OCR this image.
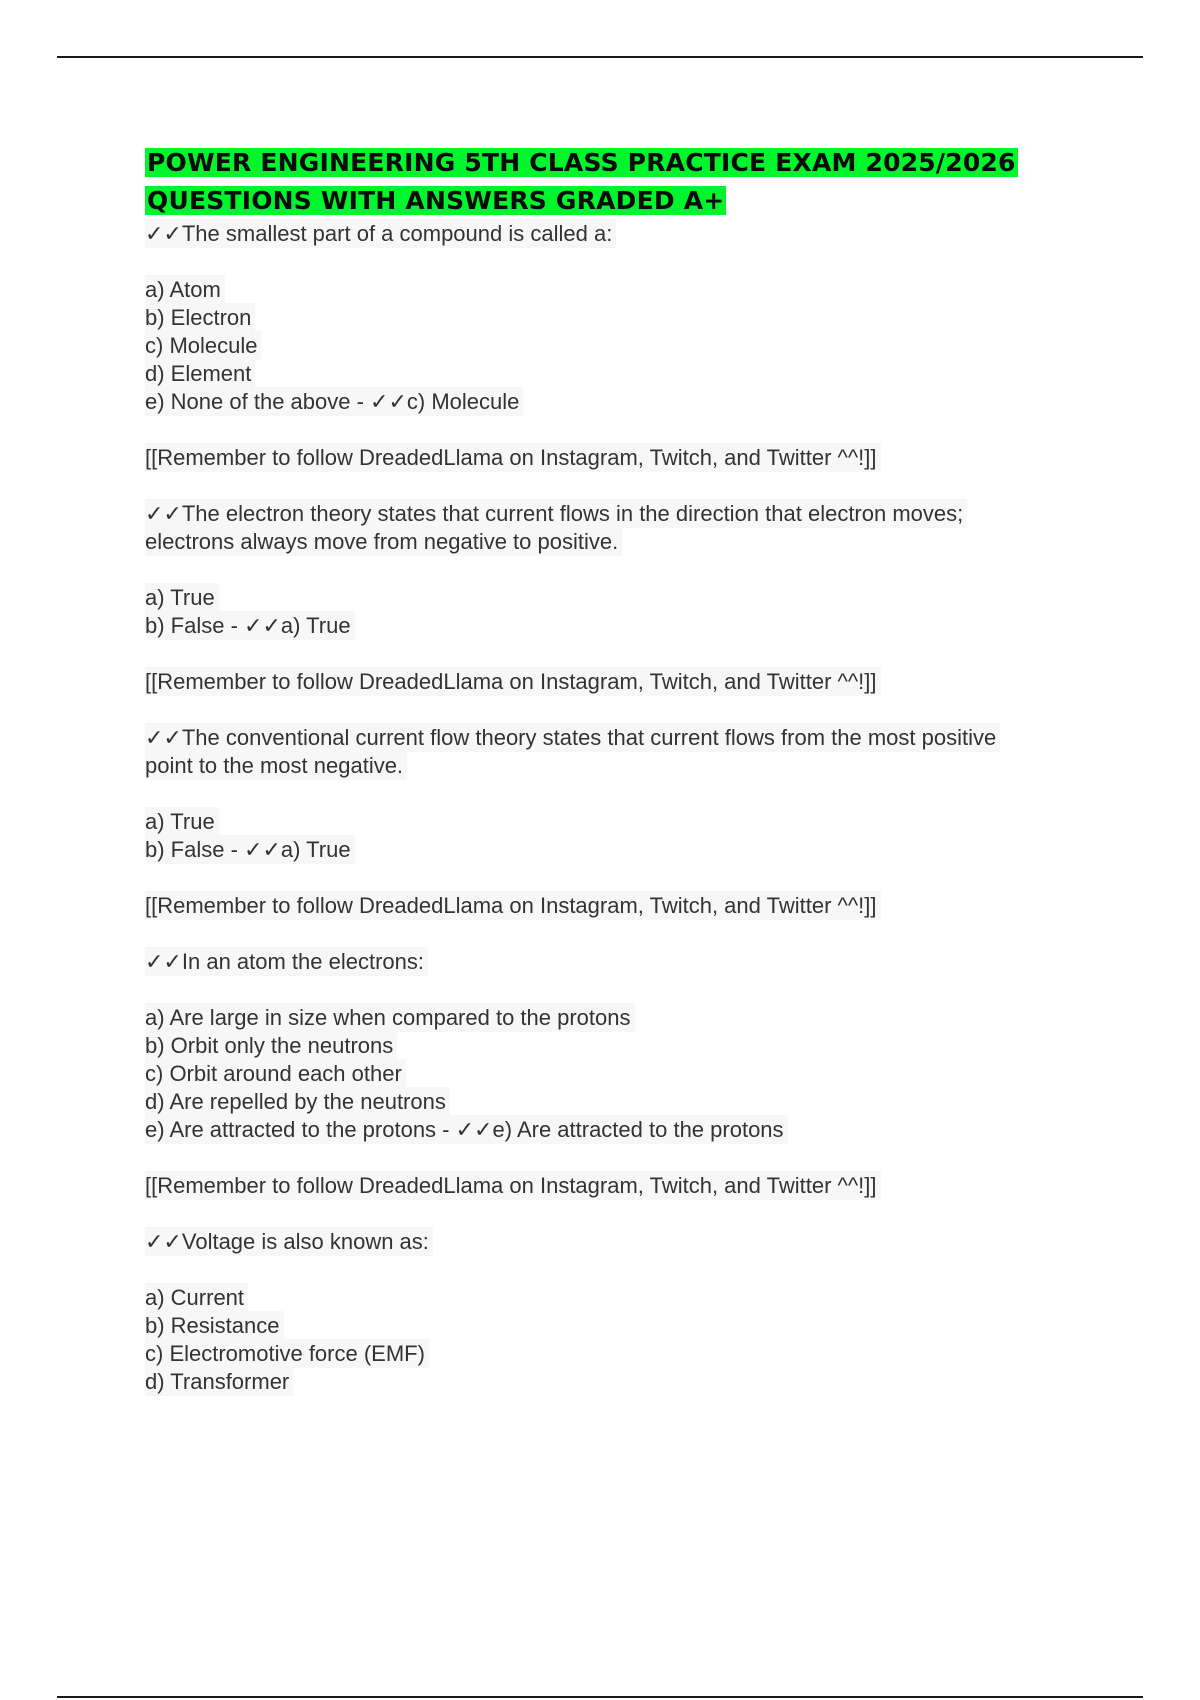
POWER ENGINEERING 5TH CLASS PRACTICE EXAM 2025/2026
QUESTIONS WITH ANSWERS GRADED A+

✓✓The smallest part of a compound is called a:

a) Atom

b) Electron

c) Molecule

d) Element

e) None of the above - ✓✓c) Molecule

[[Remember to follow DreadedLlama on Instagram, Twitch, and Twitter ^^!]]

✓✓The electron theory states that current flows in the direction that electron moves;

electrons always move from negative to positive.

a) True

b) False - ✓✓a) True

[[Remember to follow DreadedLlama on Instagram, Twitch, and Twitter ^^!]]

✓✓The conventional current flow theory states that current flows from the most positive

point to the most negative.

a) True

b) False - ✓✓a) True

[[Remember to follow DreadedLlama on Instagram, Twitch, and Twitter ^^!]]

✓✓In an atom the electrons:

a) Are large in size when compared to the protons

b) Orbit only the neutrons

c) Orbit around each other

d) Are repelled by the neutrons

e) Are attracted to the protons - ✓✓e) Are attracted to the protons

[[Remember to follow DreadedLlama on Instagram, Twitch, and Twitter ^^!]]

✓✓Voltage is also known as:

a) Current

b) Resistance

c) Electromotive force (EMF)

d) Transformer
